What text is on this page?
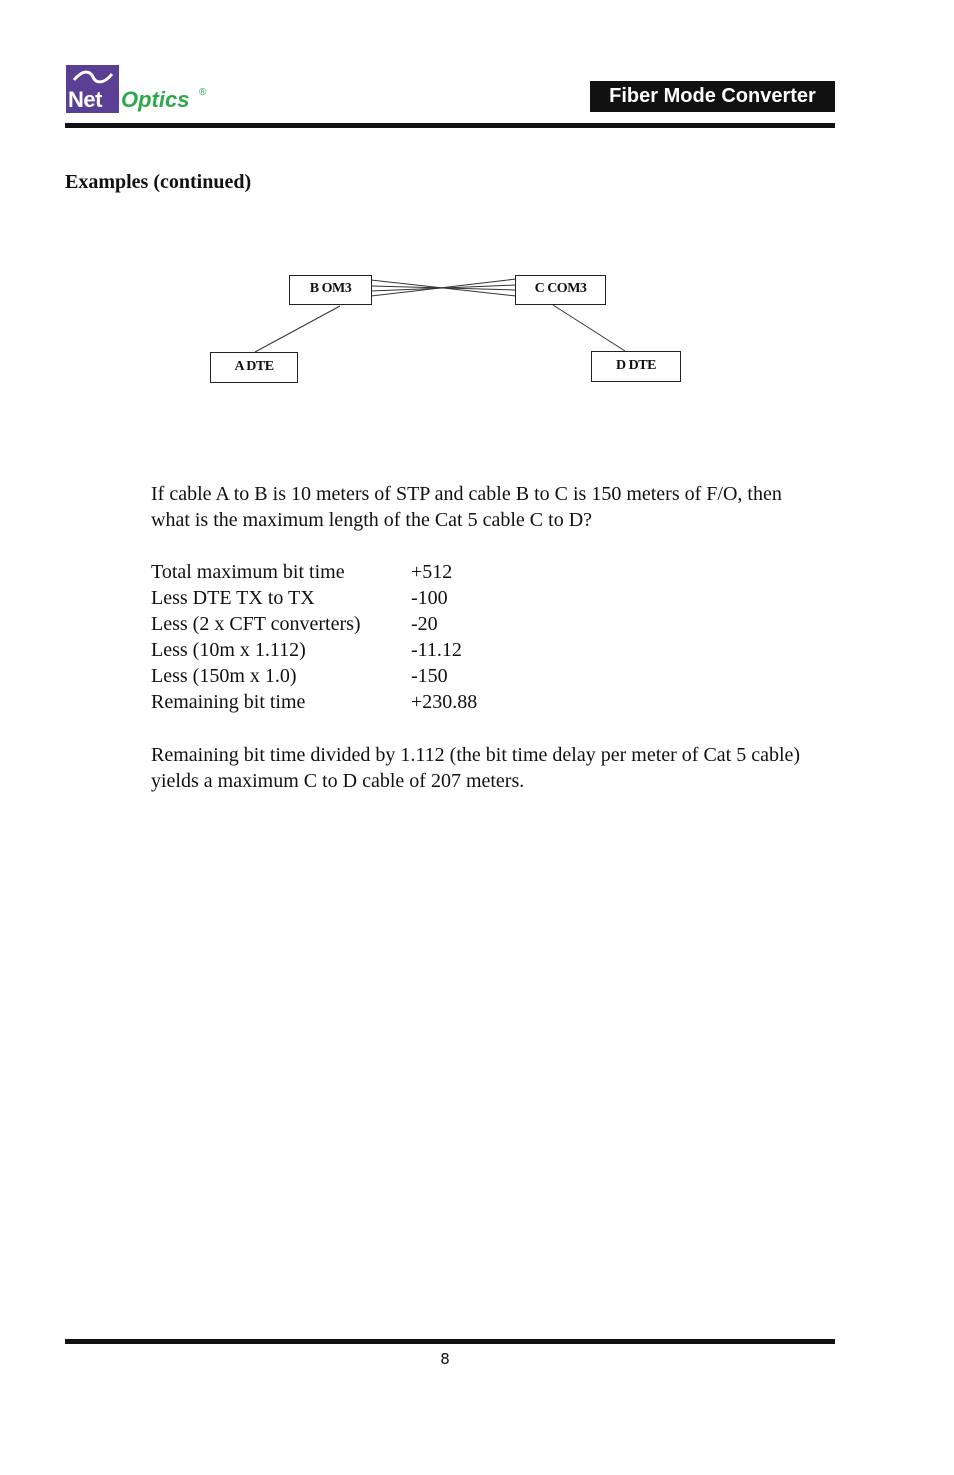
Net Optics ®	Fiber Mode Converter
Examples (continued)
B OM3	C COM3
A DTE	D DTE
If cable A to B is 10 meters of STP and cable B to C is 150 meters of F/O, then what is the maximum length of the Cat 5 cable C to D?
Total maximum bit time	+512
Less DTE TX to TX	-100
Less (2 x CFT converters)	-20
Less (10m x 1.112)	-11.12
Less (150m x 1.0)	-150
Remaining bit time	+230.88
Remaining bit time divided by 1.112 (the bit time delay per meter of Cat 5 cable) yields a maximum C to D cable of 207 meters.
8
